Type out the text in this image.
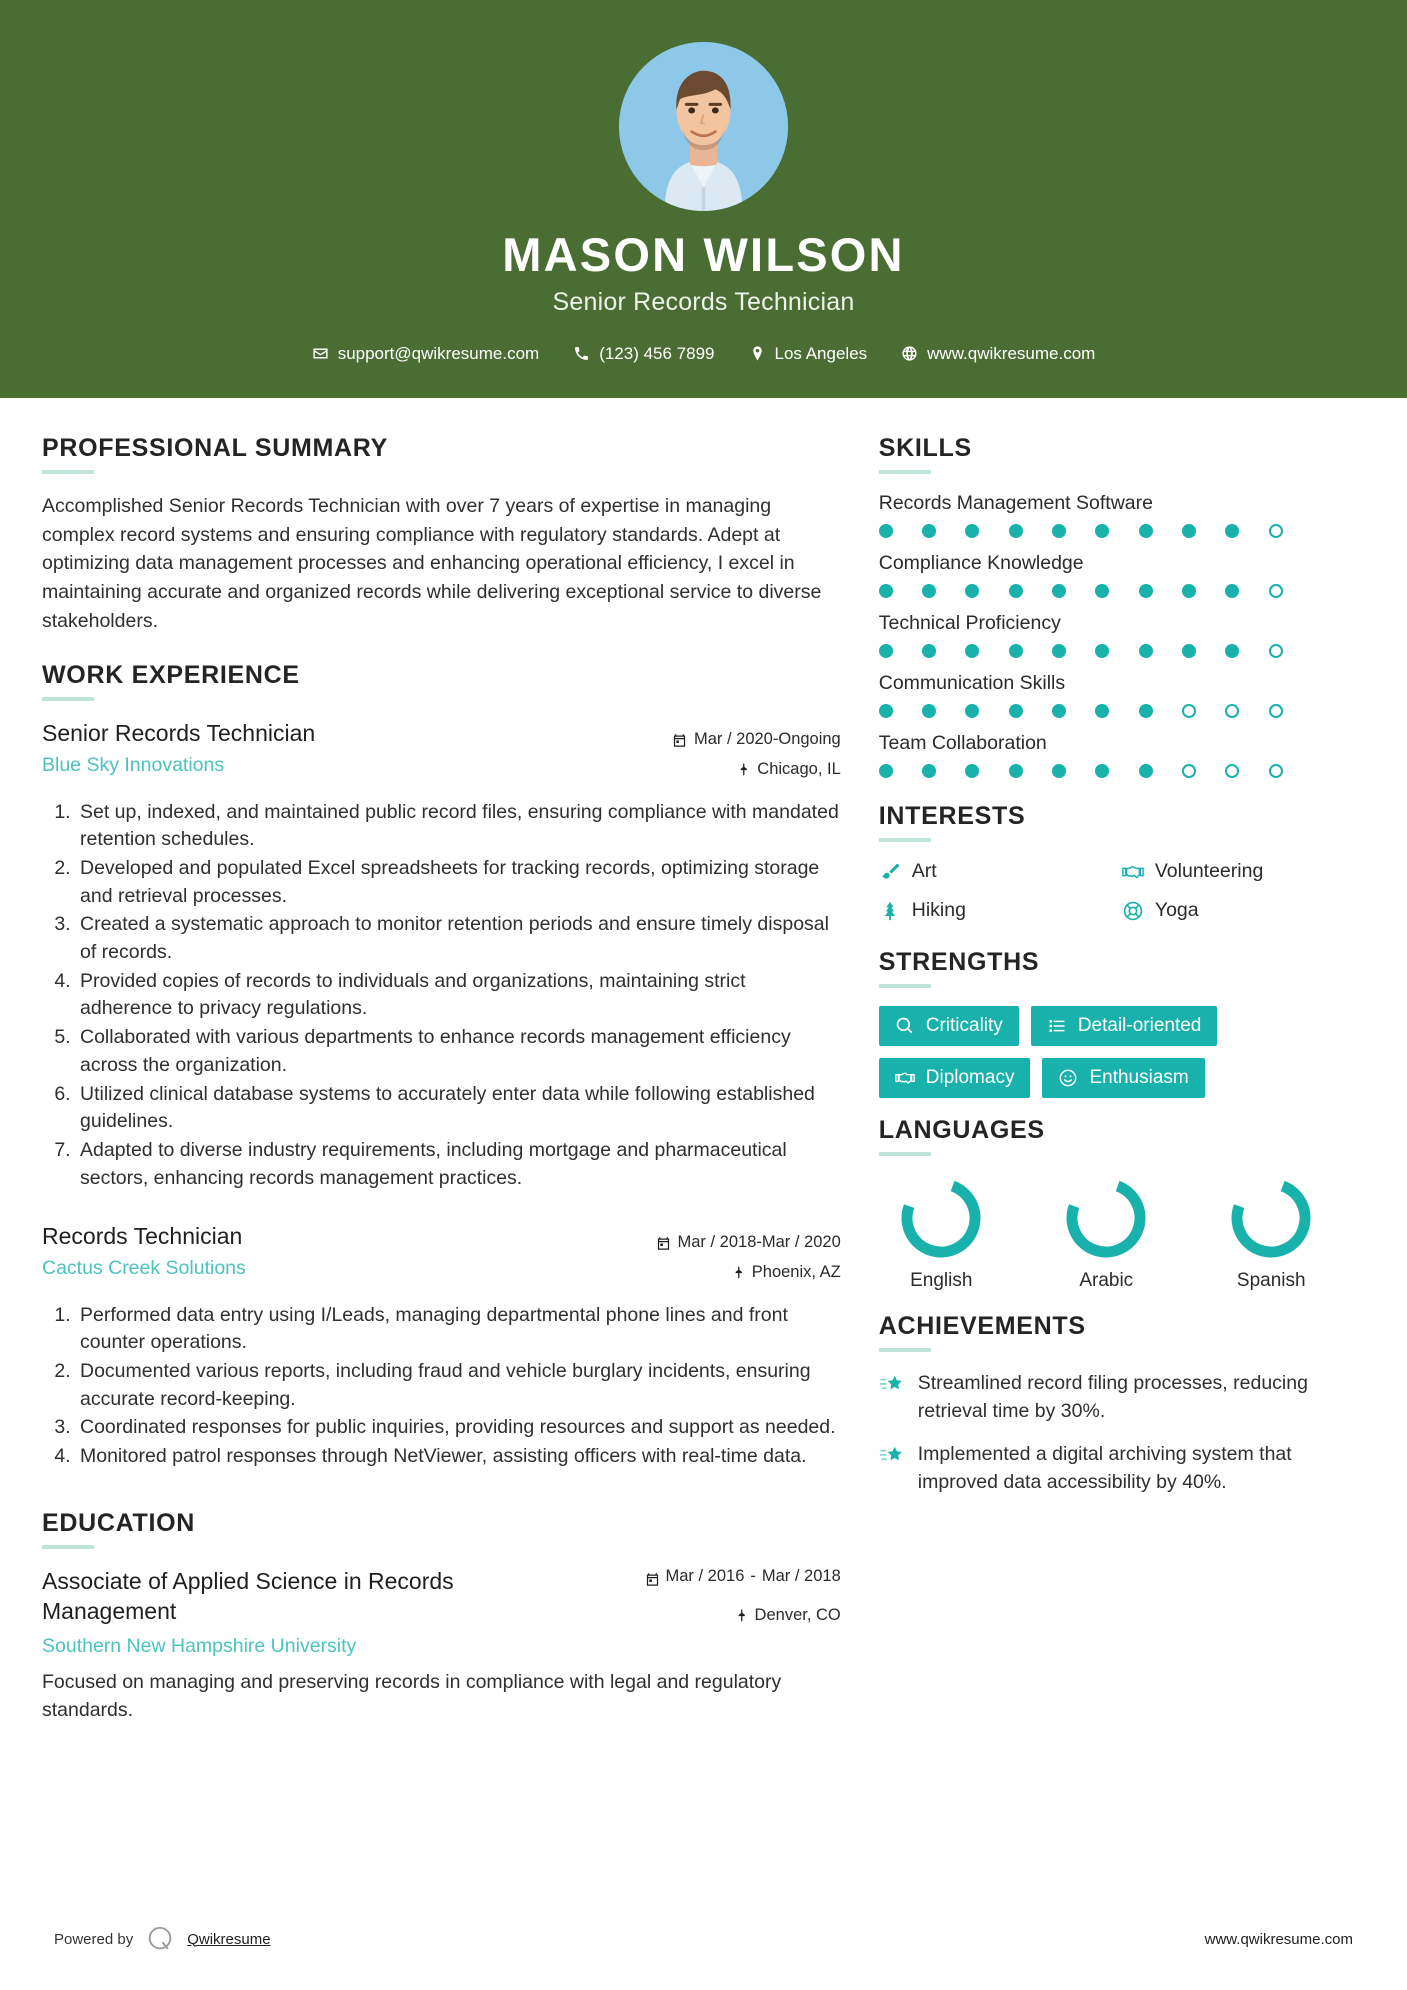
MASON WILSON
Senior Records Technician
support@qwikresume.com	(123) 456 7899	Los Angeles	www.qwikresume.com
PROFESSIONAL SUMMARY
Accomplished Senior Records Technician with over 7 years of expertise in managing complex record systems and ensuring compliance with regulatory standards. Adept at optimizing data management processes and enhancing operational efficiency, I excel in maintaining accurate and organized records while delivering exceptional service to diverse stakeholders.
WORK EXPERIENCE
Senior Records Technician
Blue Sky Innovations
Mar / 2020-Ongoing
Chicago, IL
1. Set up, indexed, and maintained public record files, ensuring compliance with mandated retention schedules.
2. Developed and populated Excel spreadsheets for tracking records, optimizing storage and retrieval processes.
3. Created a systematic approach to monitor retention periods and ensure timely disposal of records.
4. Provided copies of records to individuals and organizations, maintaining strict adherence to privacy regulations.
5. Collaborated with various departments to enhance records management efficiency across the organization.
6. Utilized clinical database systems to accurately enter data while following established guidelines.
7. Adapted to diverse industry requirements, including mortgage and pharmaceutical sectors, enhancing records management practices.
Records Technician
Cactus Creek Solutions
Mar / 2018-Mar / 2020
Phoenix, AZ
1. Performed data entry using I/Leads, managing departmental phone lines and front counter operations.
2. Documented various reports, including fraud and vehicle burglary incidents, ensuring accurate record-keeping.
3. Coordinated responses for public inquiries, providing resources and support as needed.
4. Monitored patrol responses through NetViewer, assisting officers with real-time data.
EDUCATION
Associate of Applied Science in Records Management
Southern New Hampshire University
Mar / 2016 - Mar / 2018
Denver, CO
Focused on managing and preserving records in compliance with legal and regulatory standards.
SKILLS
Records Management Software
Compliance Knowledge
Technical Proficiency
Communication Skills
Team Collaboration
INTERESTS
Art	Volunteering
Hiking	Yoga
STRENGTHS
Criticality	Detail-oriented
Diplomacy	Enthusiasm
LANGUAGES
English	Arabic	Spanish
ACHIEVEMENTS
Streamlined record filing processes, reducing retrieval time by 30%.
Implemented a digital archiving system that improved data accessibility by 40%.
Powered by	Qwikresume	www.qwikresume.com
